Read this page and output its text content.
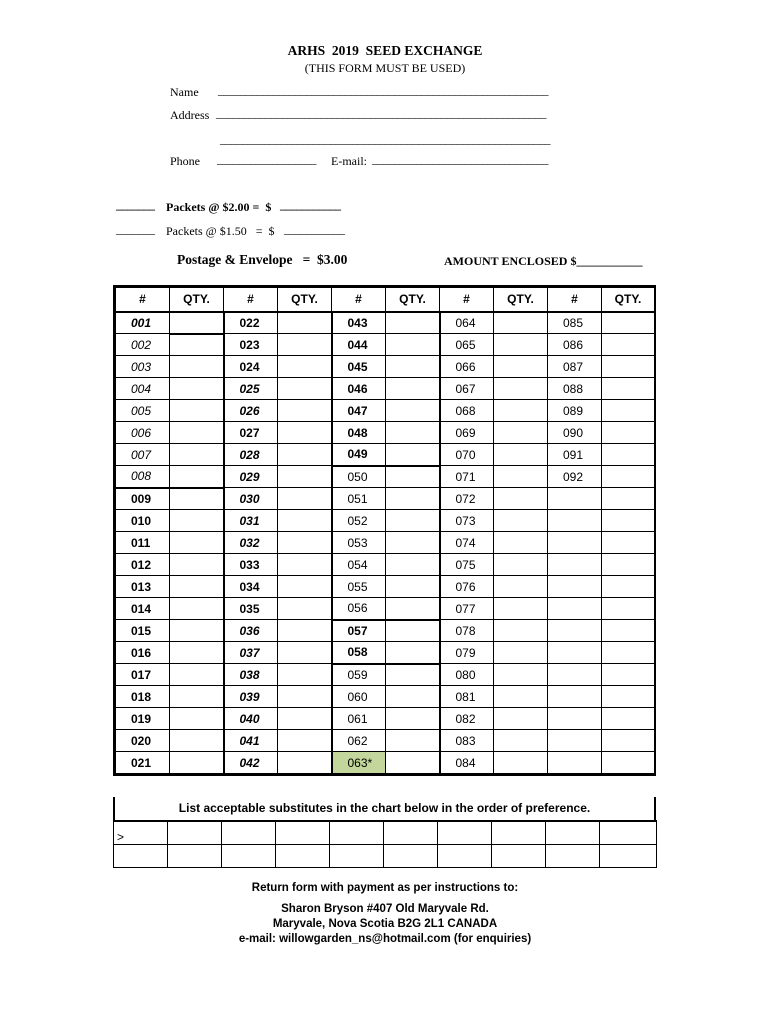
ARHS  2019  SEED EXCHANGE
(THIS FORM MUST BE USED)
Name ____________________________________________________________
Address ____________________________________________________________
____________________________________________________________
Phone __________________ E-mail: ________________________________
_______ Packets @ $2.00 =  $ ___________
_______ Packets @ $1.50   =  $ ___________
Postage & Envelope   =  $3.00	AMOUNT ENCLOSED $___________
#	QTY.	#	QTY.	#	QTY.	#	QTY.	#	QTY.
001		022		043		064		085	
002		023		044		065		086	
003		024		045		066		087	
004		025		046		067		088	
005		026		047		068		089	
006		027		048		069		090	
007		028		049		070		091	
008		029		050		071		092	
009		030		051		072			
010		031		052		073			
011		032		053		074			
012		033		054		075			
013		034		055		076			
014		035		056		077			
015		036		057		078			
016		037		058		079			
017		038		059		080			
018		039		060		081			
019		040		061		082			
020		041		062		083			
021		042		063*		084			
List acceptable substitutes in the chart below in the order of preference.
>									

Return form with payment as per instructions to:
Sharon Bryson #407 Old Maryvale Rd.
Maryvale, Nova Scotia B2G 2L1 CANADA
e-mail: willowgarden_ns@hotmail.com (for enquiries)
